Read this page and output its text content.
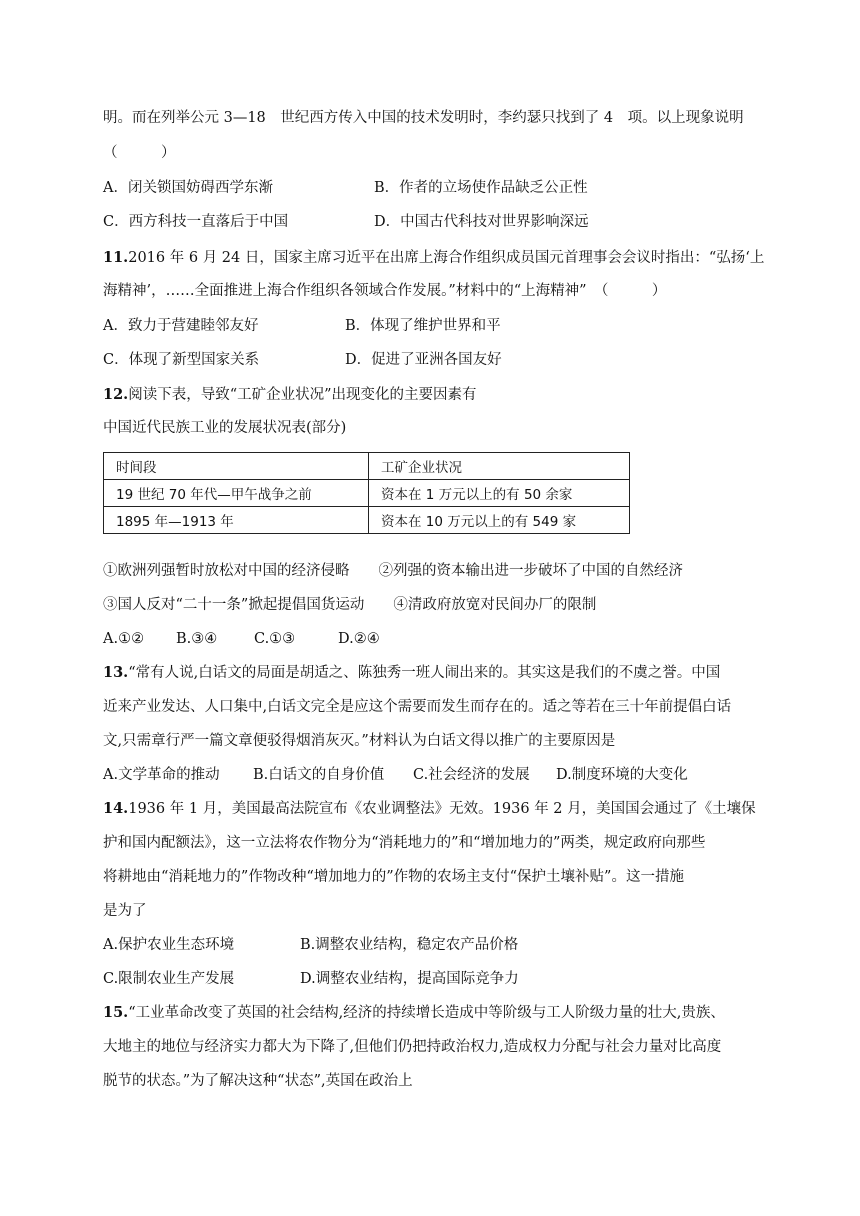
明。而在列举公元 3—18　世纪西方传入中国的技术发明时，李约瑟只找到了 4　项。以上现象说明
（　　　）
A．闭关锁国妨碍西学东渐	B．作者的立场使作品缺乏公正性
C．西方科技一直落后于中国	D．中国古代科技对世界影响深远
11.2016 年 6 月 24 日，国家主席习近平在出席上海合作组织成员国元首理事会会议时指出：“弘扬‘上
海精神’，……全面推进上海合作组织各领域合作发展。”材料中的“上海精神”　（　　　）
A．致力于营建睦邻友好	B．体现了维护世界和平
C．体现了新型国家关系	D．促进了亚洲各国友好
12.阅读下表，导致“工矿企业状况”出现变化的主要因素有
中国近代民族工业的发展状况表(部分)
时间段	工矿企业状况
19 世纪 70 年代—甲午战争之前	资本在 1 万元以上的有 50 余家
1895 年—1913 年	资本在 10 万元以上的有 549 家
①欧洲列强暂时放松对中国的经济侵略　　②列强的资本输出进一步破坏了中国的自然经济
③国人反对“二十一条”掀起提倡国货运动　　④清政府放宽对民间办厂的限制
A.①② B.③④	C.①③	D.②④
13.“常有人说,白话文的局面是胡适之、陈独秀一班人闹出来的。其实这是我们的不虞之誉。中国
近来产业发达、人口集中,白话文完全是应这个需要而发生而存在的。适之等若在三十年前提倡白话
文,只需章行严一篇文章便驳得烟消灰灭。”材料认为白话文得以推广的主要原因是
A.文学革命的推动 B.白话文的自身价值 C.社会经济的发展 D.制度环境的大变化
14.1936 年 1 月，美国最高法院宣布《农业调整法》无效。1936 年 2 月，美国国会通过了《土壤保
护和国内配额法》，这一立法将农作物分为“消耗地力的”和“增加地力的”两类，规定政府向那些
将耕地由“消耗地力的”作物改种“增加地力的”作物的农场主支付“保护土壤补贴”。这一措施
是为了
A.保护农业生态环境	B.调整农业结构，稳定农产品价格
C.限制农业生产发展	D.调整农业结构，提高国际竞争力
15.“工业革命改变了英国的社会结构,经济的持续增长造成中等阶级与工人阶级力量的壮大,贵族、
大地主的地位与经济实力都大为下降了,但他们仍把持政治权力,造成权力分配与社会力量对比高度
脱节的状态。”为了解决这种“状态”,英国在政治上
